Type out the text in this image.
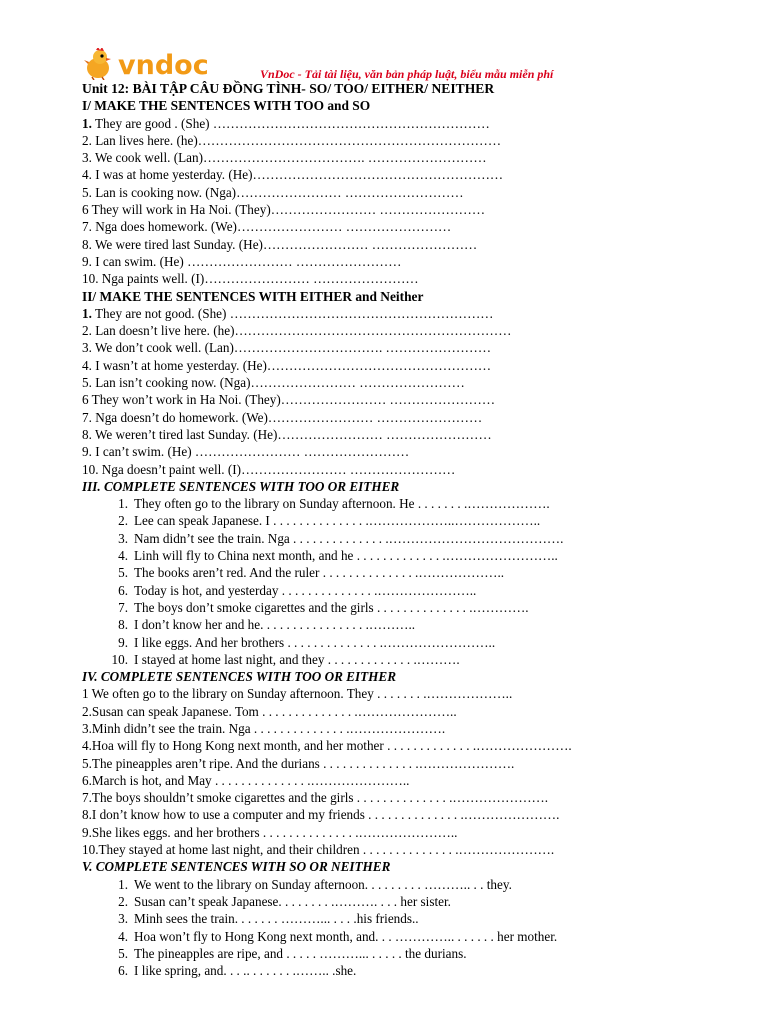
vndoc	VnDoc - Tải tài liệu, văn bản pháp luật, biểu mẫu miễn phí
Unit 12: BÀI TẬP CÂU ĐỒNG TÌNH- SO/ TOO/ EITHER/ NEITHER
I/ MAKE THE SENTENCES WITH TOO and SO
1. They are good . (She) ………………………………………………………
2. Lan lives here. (he)……………………………………………………………
3. We cook well. (Lan)………………………………. ………………………
4. I was at home yesterday. (He)…………………………………………………
5. Lan is cooking now. (Nga)…………………… ………………………
6 They will work in Ha Noi. (They)…………………… ……………………
7. Nga does homework. (We)…………………… ……………………
8. We were tired last Sunday. (He)…………………… ……………………
9. I can swim. (He) …………………… ……………………
10. Nga paints well. (I)…………………… ……………………
II/ MAKE THE SENTENCES WITH EITHER and Neither
1. They are not good. (She) ……………………………………………………
2. Lan doesn’t live here. (he)………………………………………………………
3. We don’t cook well. (Lan)……………………………. ……………………
4. I wasn’t at home yesterday. (He)……………………………………………
5. Lan isn’t cooking now. (Nga)…………………… ……………………
6 They won’t work in Ha Noi. (They)…………………… ……………………
7. Nga doesn’t do homework. (We)…………………… ……………………
8. We weren’t tired last Sunday. (He)…………………… ……………………
9. I can’t swim. (He) …………………… ……………………
10. Nga doesn’t paint well. (I)…………………… ……………………
III. COMPLETE SENTENCES WITH TOO OR EITHER
1. They often go to the library on Sunday afternoon. He . . . . . . . .……………….
2. Lee can speak Japanese. I . . . . . . . . . . . . . . .………………..………………..
3. Nam didn’t see the train. Nga . . . . . . . . . . . . . . .………………………………….
4. Linh will fly to China next month, and he . . . . . . . . . . . . . .……………………..
5. The books aren’t red. And the ruler . . . . . . . . . . . . . . .………………..
6. Today is hot, and yesterday . . . . . . . . . . . . . . .…………………..
7. The boys don’t smoke cigarettes and the girls . . . . . . . . . . . . . . .………….
8. I don’t know her and he. . . . . . . . . . . . . . . . .………..
9. I like eggs. And her brothers . . . . . . . . . . . . . . .……………………..
10. I stayed at home last night, and they . . . . . . . . . . . . . .……….
IV. COMPLETE SENTENCES WITH TOO OR EITHER
1 We often go to the library on Sunday afternoon. They . . . . . . . .………………..
2.Susan can speak Japanese. Tom . . . . . . . . . . . . . . .…………………..
3.Minh didn’t see the train. Nga . . . . . . . . . . . . . . .………………….
4.Hoa will fly to Hong Kong next month, and her mother . . . . . . . . . . . . . .………………….
5.The pineapples aren’t ripe. And the durians . . . . . . . . . . . . . . .………………….
6.March is hot, and May . . . . . . . . . . . . . . .…………………..
7.The boys shouldn’t smoke cigarettes and the girls . . . . . . . . . . . . . . .………………….
8.I don’t know how to use a computer and my friends . . . . . . . . . . . . . . .………………….
9.She likes eggs. and her brothers . . . . . . . . . . . . . . .…………………..
10.They stayed at home last night, and their children . . . . . . . . . . . . . . .………………….
V. COMPLETE SENTENCES WITH SO OR NEITHER
1. We went to the library on Sunday afternoon. . . . . . . . . ……….. . . they.
2. Susan can’t speak Japanese. . . . . . . . .………. . . . her sister.
3. Minh sees the train. . . . . . . ………... . . . .his friends..
4. Hoa won’t fly to Hong Kong next month, and. . . ………….. . . . . . . her mother.
5. The pineapples are ripe, and . . . . . ………... . . . . . the durians.
6. I like spring, and. . . .. . . . . . . .…….. .she.
